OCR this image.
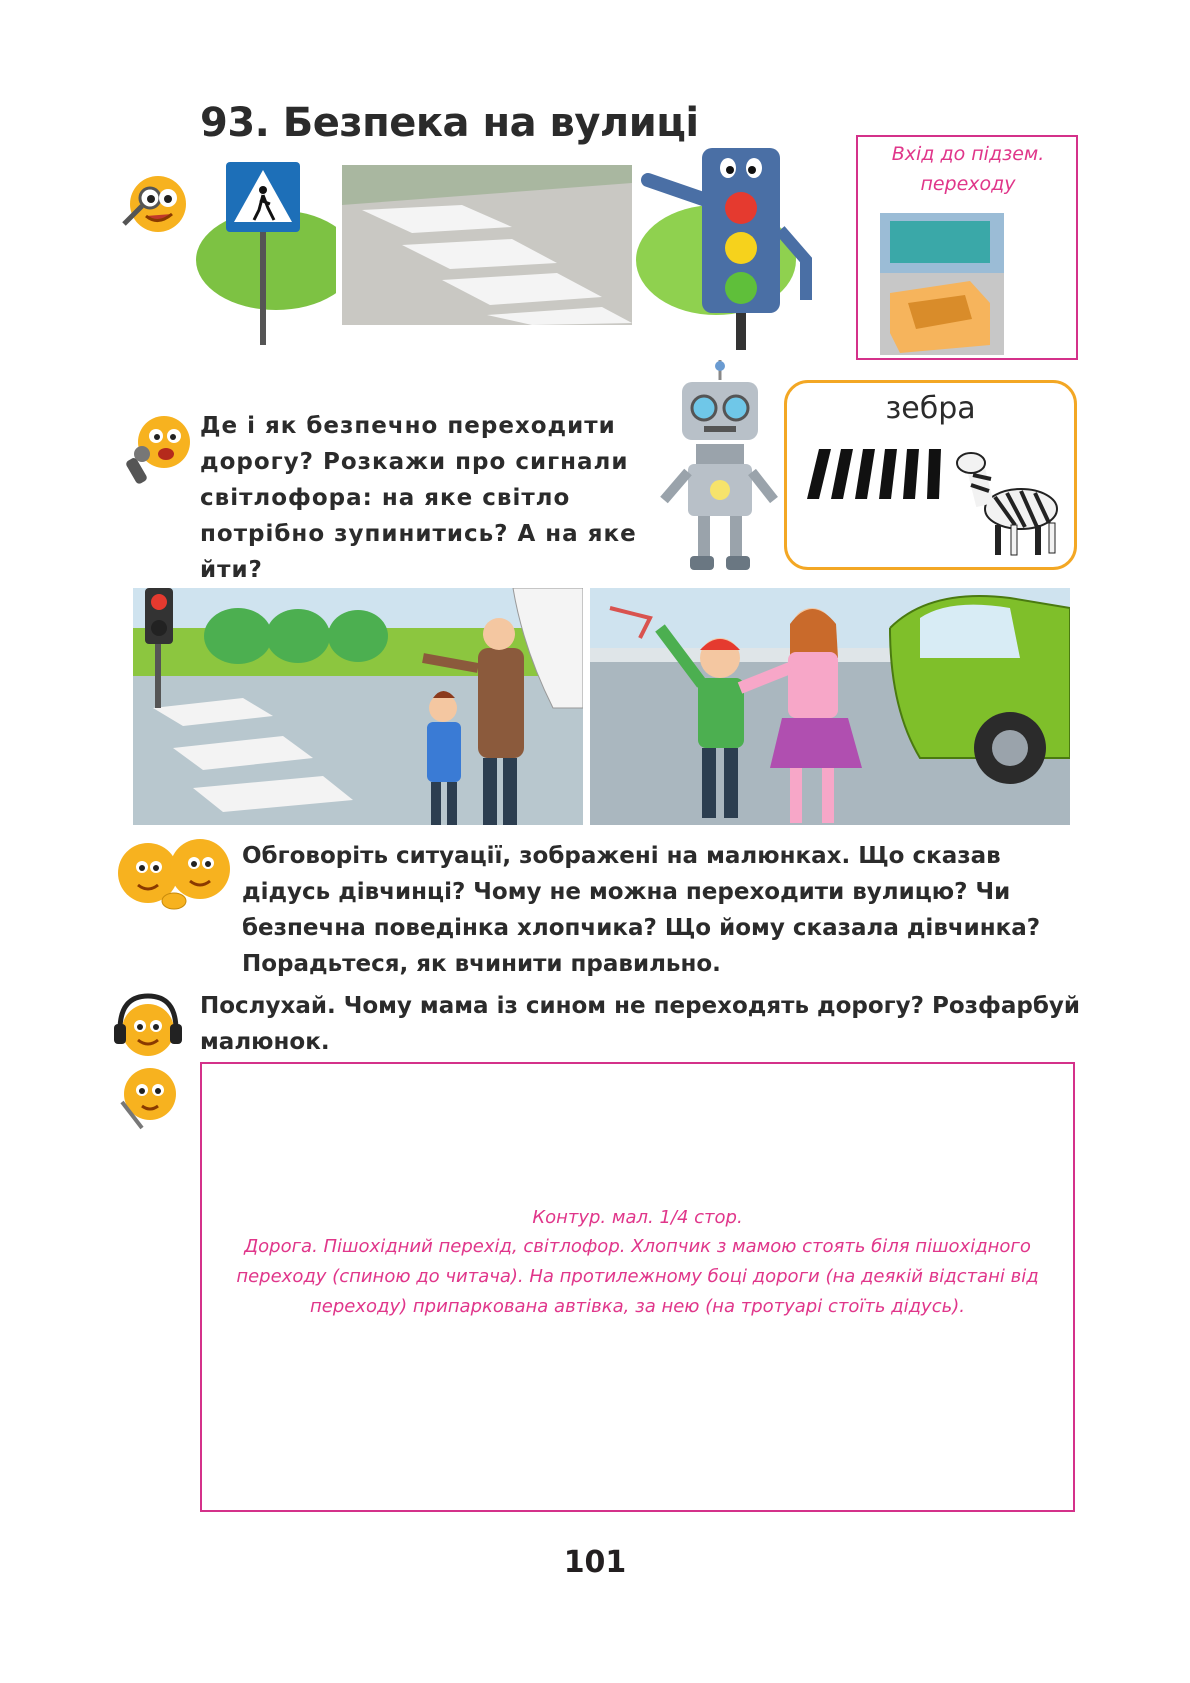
93. Безпека на вулиці
Вхід до підзем. переходу
Де і як безпечно переходити дорогу? Розкажи про сигнали світлофора: на яке світло потрібно зупинитись? А на яке йти?
зебра
Обговоріть ситуації, зображені на малюнках. Що сказав дідусь дівчинці? Чому не можна переходити вулицю? Чи безпечна поведінка хлопчика? Що йому сказала дівчинка? Порадьтеся, як вчинити правильно.
Послухай. Чому мама із сином не переходять дорогу? Розфарбуй малюнок.
Контур. мал. 1/4 стор.
Дорога. Пішохідний перехід, світлофор. Хлопчик з мамою стоять біля пішохідного переходу (спиною до читача). На протилежному боці дороги (на деякій відстані від переходу) припаркована автівка, за нею (на тротуарі стоїть дідусь).
101
